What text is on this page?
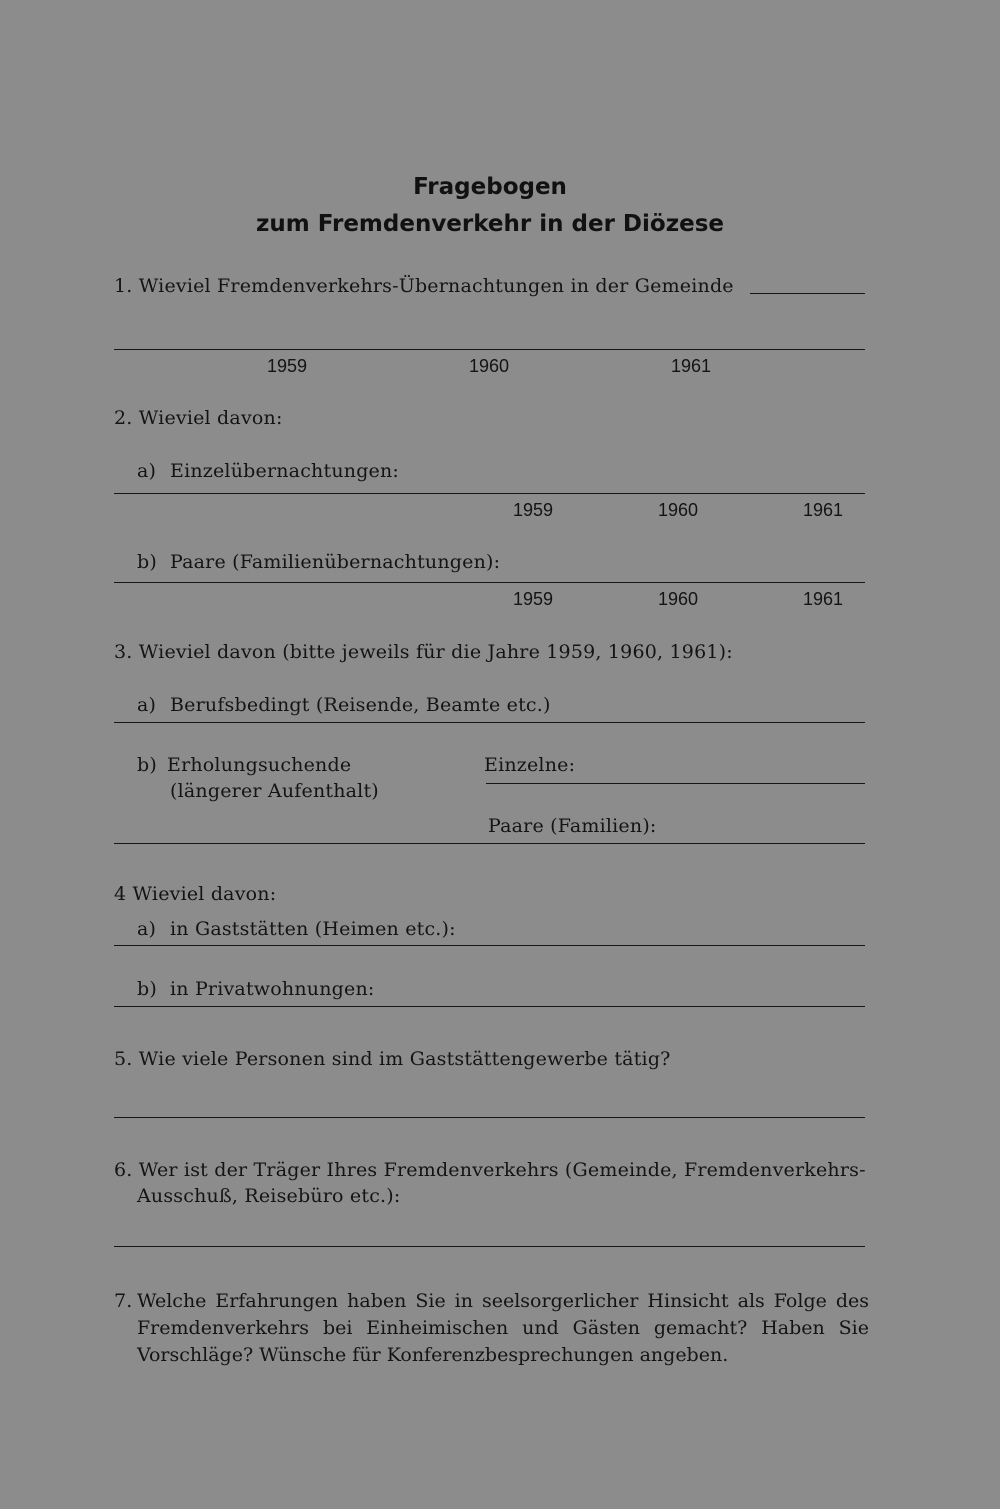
Fragebogen
zum Fremdenverkehr in der Diözese
1. Wieviel Fremdenverkehrs-Übernachtungen in der Gemeinde
1959	1960	1961
2. Wieviel davon:
a) Einzelübernachtungen:
1959	1960	1961
b) Paare (Familienübernachtungen):
1959	1960	1961
3. Wieviel davon (bitte jeweils für die Jahre 1959, 1960, 1961):
a) Berufsbedingt (Reisende, Beamte etc.)
b) Erholungsuchende
(längerer Aufenthalt)
Einzelne:
Paare (Familien):
4 Wieviel davon:
a) in Gaststätten (Heimen etc.):
b) in Privatwohnungen:
5. Wie viele Personen sind im Gaststättengewerbe tätig?
6. Wer ist der Träger Ihres Fremdenverkehrs (Gemeinde, Fremdenverkehrs-
Ausschuß, Reisebüro etc.):
7. Welche Erfahrungen haben Sie in seelsorgerlicher Hinsicht als Folge des Fremdenverkehrs bei Einheimischen und Gästen gemacht? Haben Sie Vorschläge? Wünsche für Konferenzbesprechungen angeben.
